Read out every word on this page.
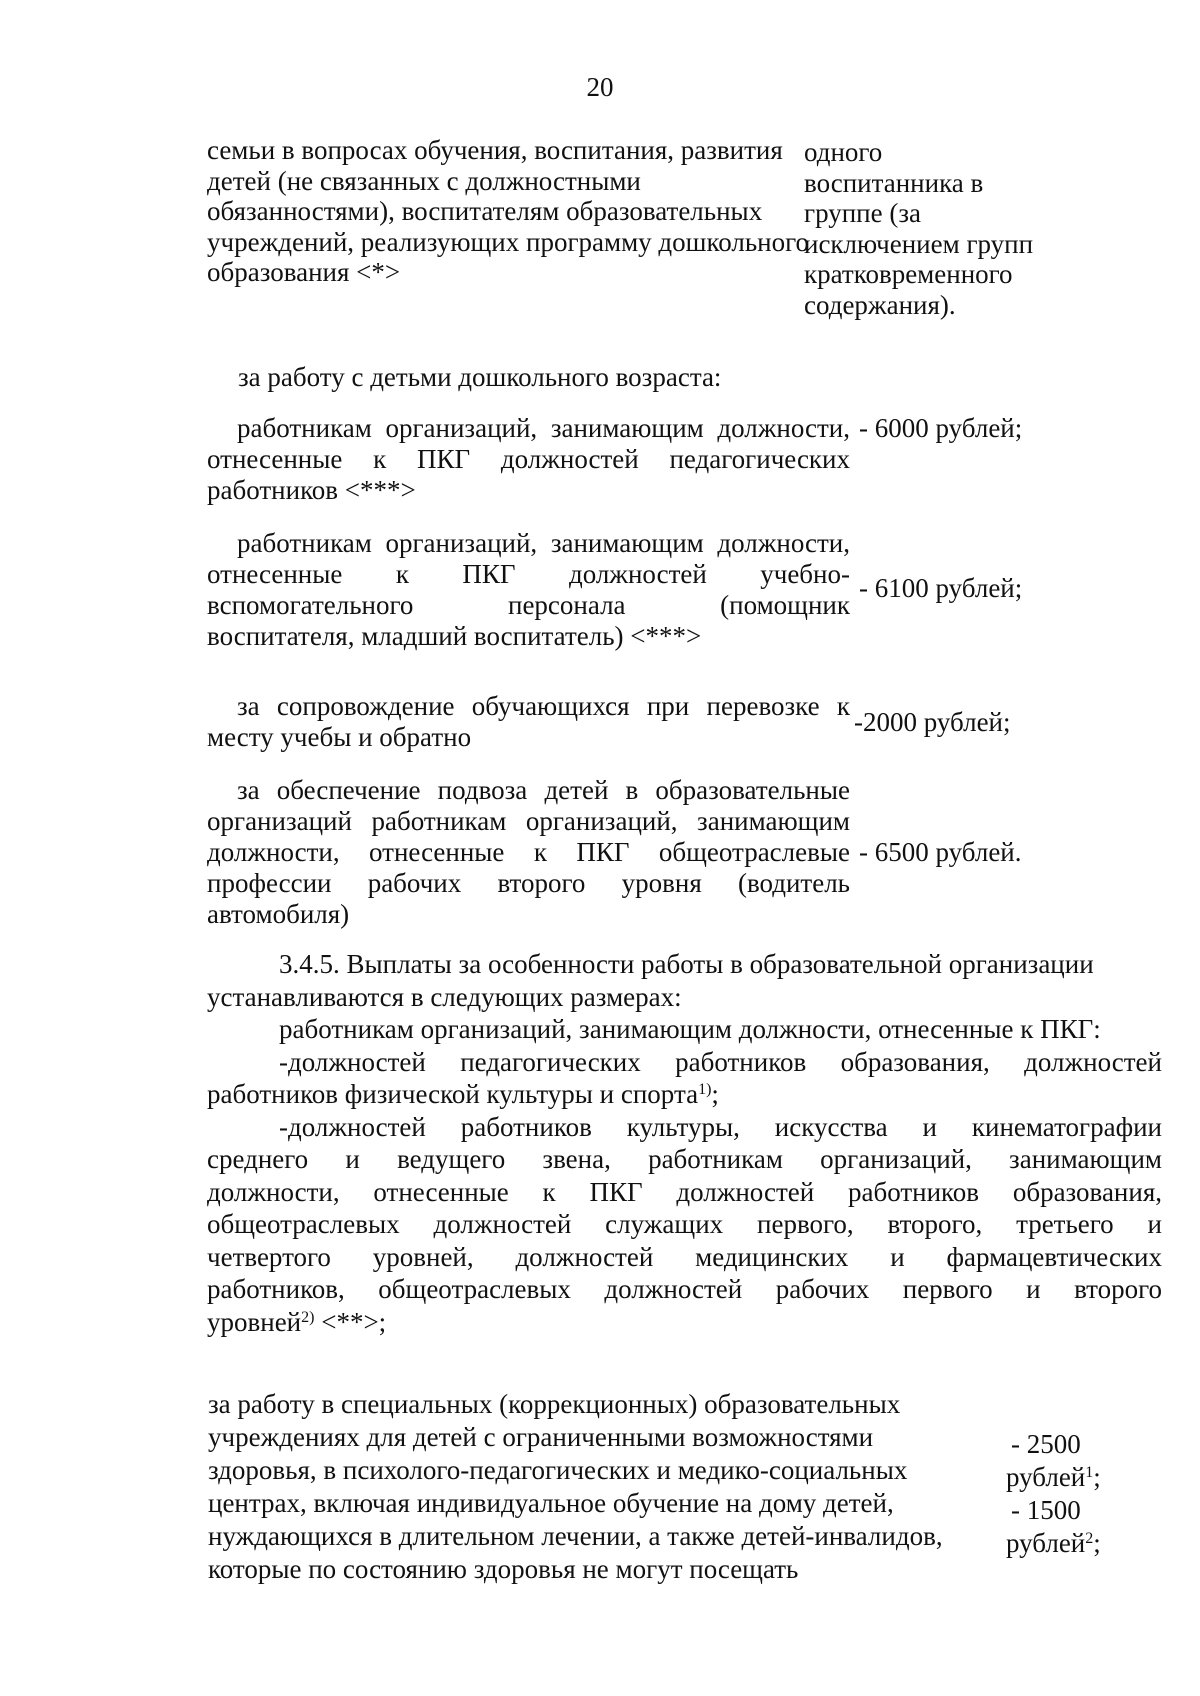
20
семьи в вопросах обучения, воспитания, развития
детей (не связанных с должностными
обязанностями), воспитателям образовательных
учреждений, реализующих программу дошкольного
образования <*>
одного
воспитанника в
группе (за
исключением групп
кратковременного
содержания).
за работу с детьми дошкольного возраста:
работникам организаций, занимающим должности,
отнесенные к ПКГ должностей педагогических
работников <***>
- 6000 рублей;
работникам организаций, занимающим должности,
отнесенные к ПКГ должностей учебно-
вспомогательного персонала (помощник
воспитателя, младший воспитатель) <***>
- 6100 рублей;
за сопровождение обучающихся при перевозке к
месту учебы и обратно	-2000 рублей;
за обеспечение подвоза детей в образовательные
организаций работникам организаций, занимающим
должности, отнесенные к ПКГ общеотраслевые
профессии рабочих второго уровня (водитель
автомобиля)
- 6500 рублей.
3.4.5. Выплаты за особенности работы в образовательной организации
устанавливаются в следующих размерах:
работникам организаций, занимающим должности, отнесенные к ПКГ:
-должностей педагогических работников образования, должностей
работников физической культуры и спорта$^{1)}$;
-должностей работников культуры, искусства и кинематографии
среднего и ведущего звена, работникам организаций, занимающим
должности, отнесенные к ПКГ должностей работников образования,
общеотраслевых должностей служащих первого, второго, третьего и
четвертого уровней, должностей медицинских и фармацевтических
работников, общеотраслевых должностей рабочих первого и второго
уровней$^{2)}$ <**>;
за работу в специальных (коррекционных) образовательных
учреждениях для детей с ограниченными возможностями
здоровья, в психолого-педагогических и медико-социальных
центрах, включая индивидуальное обучение на дому детей,
нуждающихся в длительном лечении, а также детей-инвалидов,
которые по состоянию здоровья не могут посещать
- 2500
рублей$^1$;
- 1500
рублей$^2$;
